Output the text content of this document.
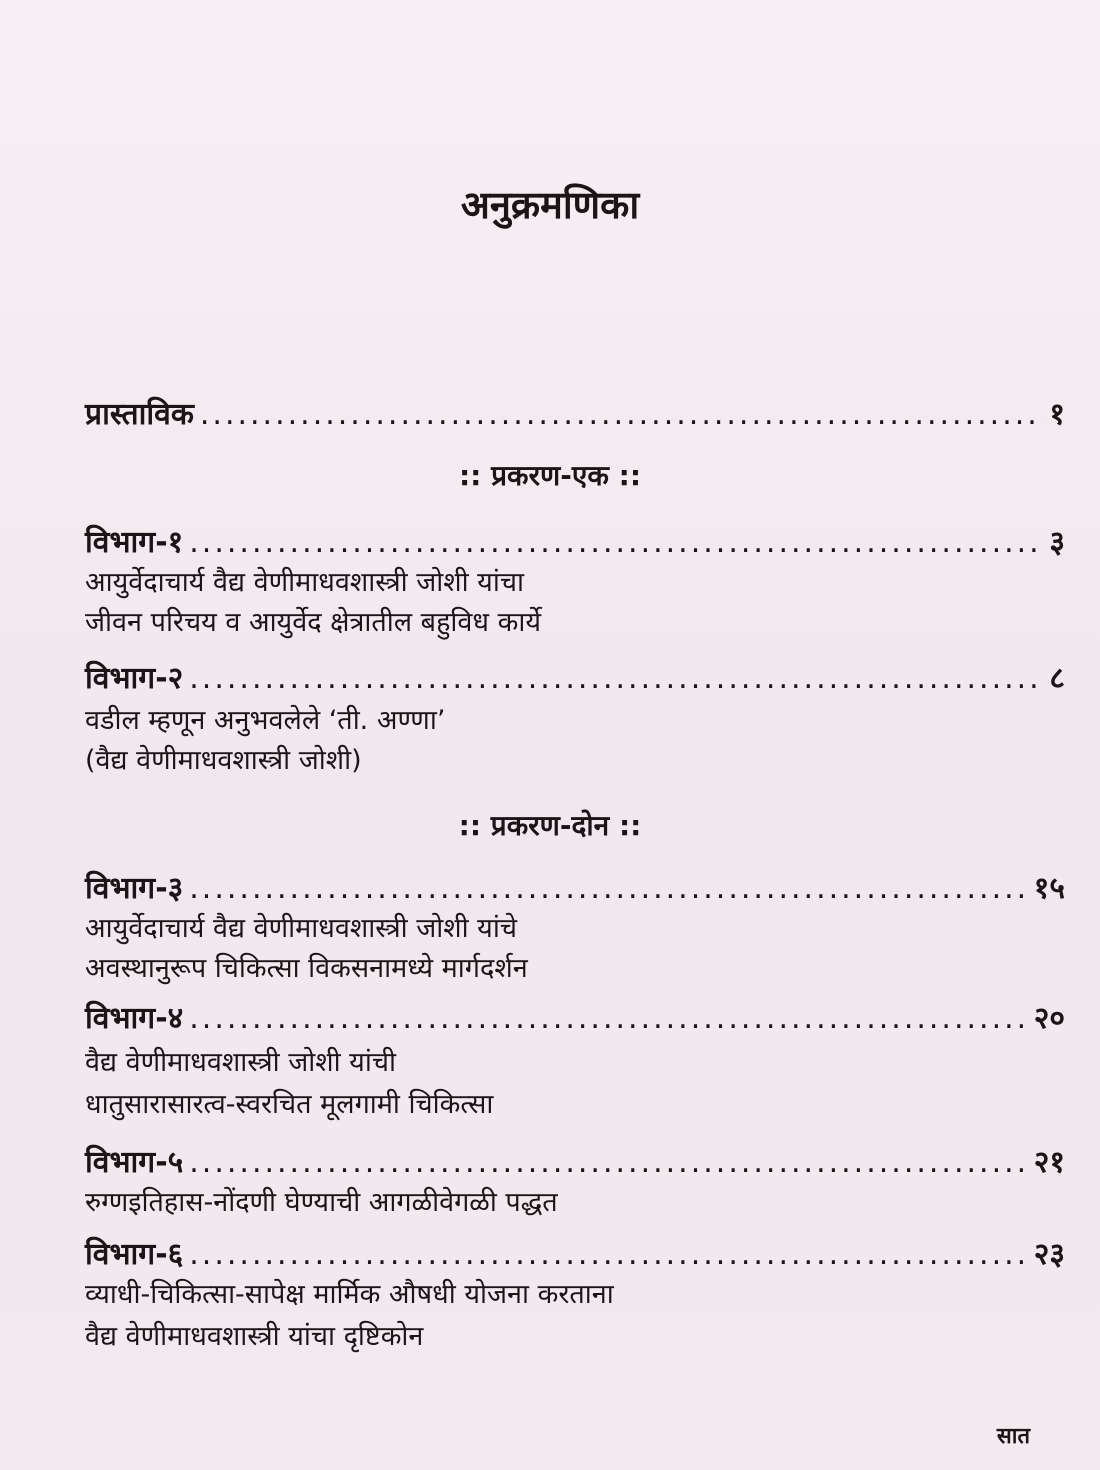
अनुक्रमणिका
प्रास्ताविक .....	१
:: प्रकरण-एक ::
विभाग-१ .....	३
आयुर्वेदाचार्य वैद्य वेणीमाधवशास्त्री जोशी यांचा
जीवन परिचय व आयुर्वेद क्षेत्रातील बहुविध कार्ये
विभाग-२ .....	८
वडील म्हणून अनुभवलेले ‘ती. अण्णा’
(वैद्य वेणीमाधवशास्त्री जोशी)
:: प्रकरण-दोन ::
विभाग-३ .....	१५
आयुर्वेदाचार्य वैद्य वेणीमाधवशास्त्री जोशी यांचे
अवस्थानुरूप चिकित्सा विकसनामध्ये मार्गदर्शन
विभाग-४ .....	२०
वैद्य वेणीमाधवशास्त्री जोशी यांची
धातुसारासारत्व-स्वरचित मूलगामी चिकित्सा
विभाग-५ .....	२१
रुग्णइतिहास-नोंदणी घेण्याची आगळीवेगळी पद्धत
विभाग-६ .....	२३
व्याधी-चिकित्सा-सापेक्ष मार्मिक औषधी योजना करताना
वैद्य वेणीमाधवशास्त्री यांचा दृष्टिकोन
सात
